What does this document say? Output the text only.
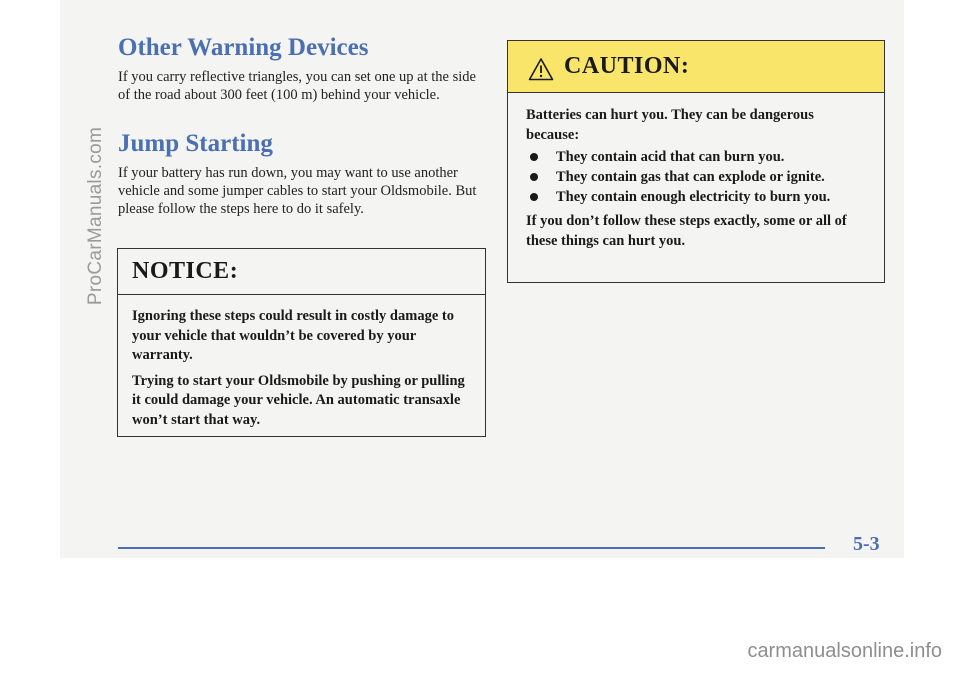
ProCarManuals.com
Other Warning Devices

If you carry reflective triangles, you can set one up at the side of the road about 300 feet (100 m) behind your vehicle.

Jump Starting

If your battery has run down, you may want to use another vehicle and some jumper cables to start your Oldsmobile. But please follow the steps here to do it safely.

NOTICE:

Ignoring these steps could result in costly damage to your vehicle that wouldn’t be covered by your warranty.

Trying to start your Oldsmobile by pushing or pulling it could damage your vehicle. An automatic transaxle won’t start that way.

CAUTION:

Batteries can hurt you. They can be dangerous because:

They contain acid that can burn you.
They contain gas that can explode or ignite.
They contain enough electricity to burn you.

If you don’t follow these steps exactly, some or all of these things can hurt you.

5-3
carmanualsonline.info
